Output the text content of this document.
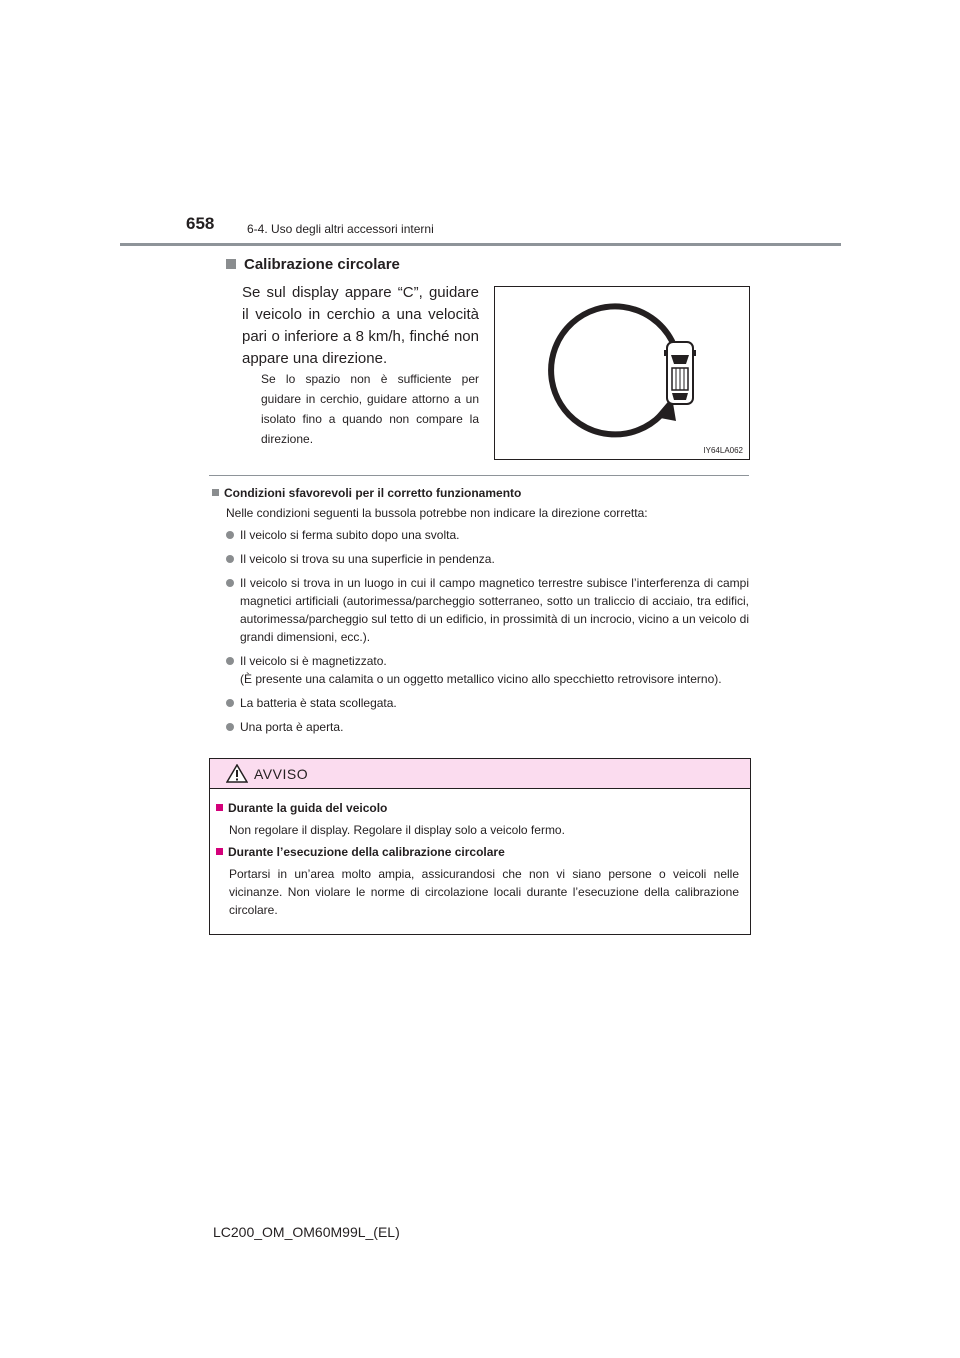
658	6-4. Uso degli altri accessori interni
Calibrazione circolare
Se sul display appare “C”, guidare il veicolo in cerchio a una velocità pari o inferiore a 8 km/h, finché non appare una direzione.
Se lo spazio non è sufficiente per guidare in cerchio, guidare attorno a un isolato fino a quando non compare la direzione.
IY64LA062
Condizioni sfavorevoli per il corretto funzionamento
Nelle condizioni seguenti la bussola potrebbe non indicare la direzione corretta:
Il veicolo si ferma subito dopo una svolta.
Il veicolo si trova su una superficie in pendenza.
Il veicolo si trova in un luogo in cui il campo magnetico terrestre subisce l’interferenza di campi magnetici artificiali (autorimessa/parcheggio sotterraneo, sotto un traliccio di acciaio, tra edifici, autorimessa/parcheggio sul tetto di un edificio, in prossimità di un incrocio, vicino a un veicolo di grandi dimensioni, ecc.).
Il veicolo si è magnetizzato.
(È presente una calamita o un oggetto metallico vicino allo specchietto retrovisore interno).
La batteria è stata scollegata.
Una porta è aperta.
AVVISO
Durante la guida del veicolo
Non regolare il display. Regolare il display solo a veicolo fermo.
Durante l’esecuzione della calibrazione circolare
Portarsi in un’area molto ampia, assicurandosi che non vi siano persone o veicoli nelle vicinanze. Non violare le norme di circolazione locali durante l’esecuzione della calibrazione circolare.
LC200_OM_OM60M99L_(EL)
